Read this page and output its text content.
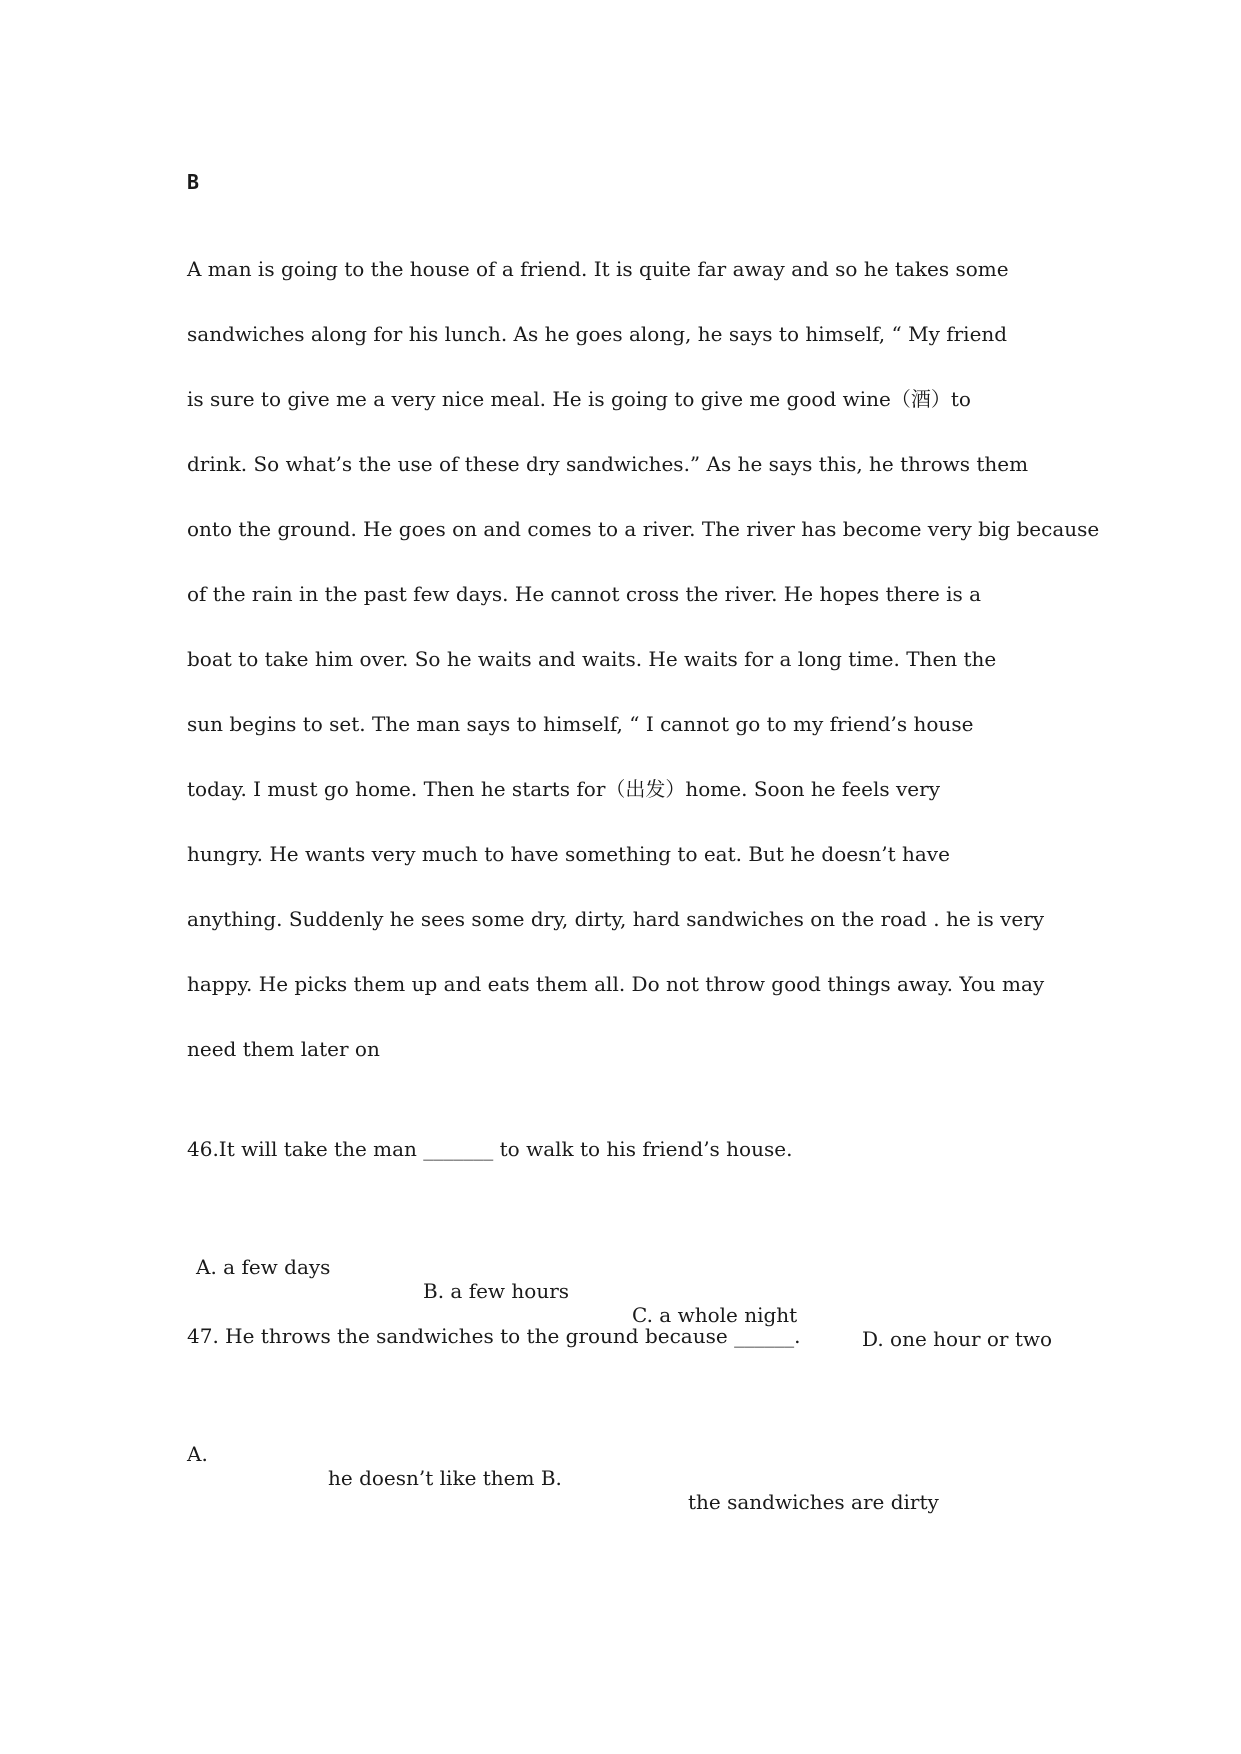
B
A man is going to the house of a friend. It is quite far away and so he takes some
sandwiches along for his lunch. As he goes along, he says to himself, “ My friend
is sure to give me a very nice meal. He is going to give me good wine（酒）to
drink. So what’s the use of these dry sandwiches.” As he says this, he throws them
onto the ground. He goes on and comes to a river. The river has become very big because
of the rain in the past few days. He cannot cross the river. He hopes there is a
boat to take him over. So he waits and waits. He waits for a long time. Then the
sun begins to set. The man says to himself, “ I cannot go to my friend’s house
today. I must go home. Then he starts for（出发）home. Soon he feels very
hungry. He wants very much to have something to eat. But he doesn’t have
anything. Suddenly he sees some dry, dirty, hard sandwiches on the road . he is very
happy. He picks them up and eats them all. Do not throw good things away. You may
need them later on
46.It will take the man _______ to walk to his friend’s house.

A. a few days

B. a few hours

C. a whole night

D. one hour or two

47. He throws the sandwiches to the ground because ______.

A.

he doesn’t like them B.

the sandwiches are dirty
